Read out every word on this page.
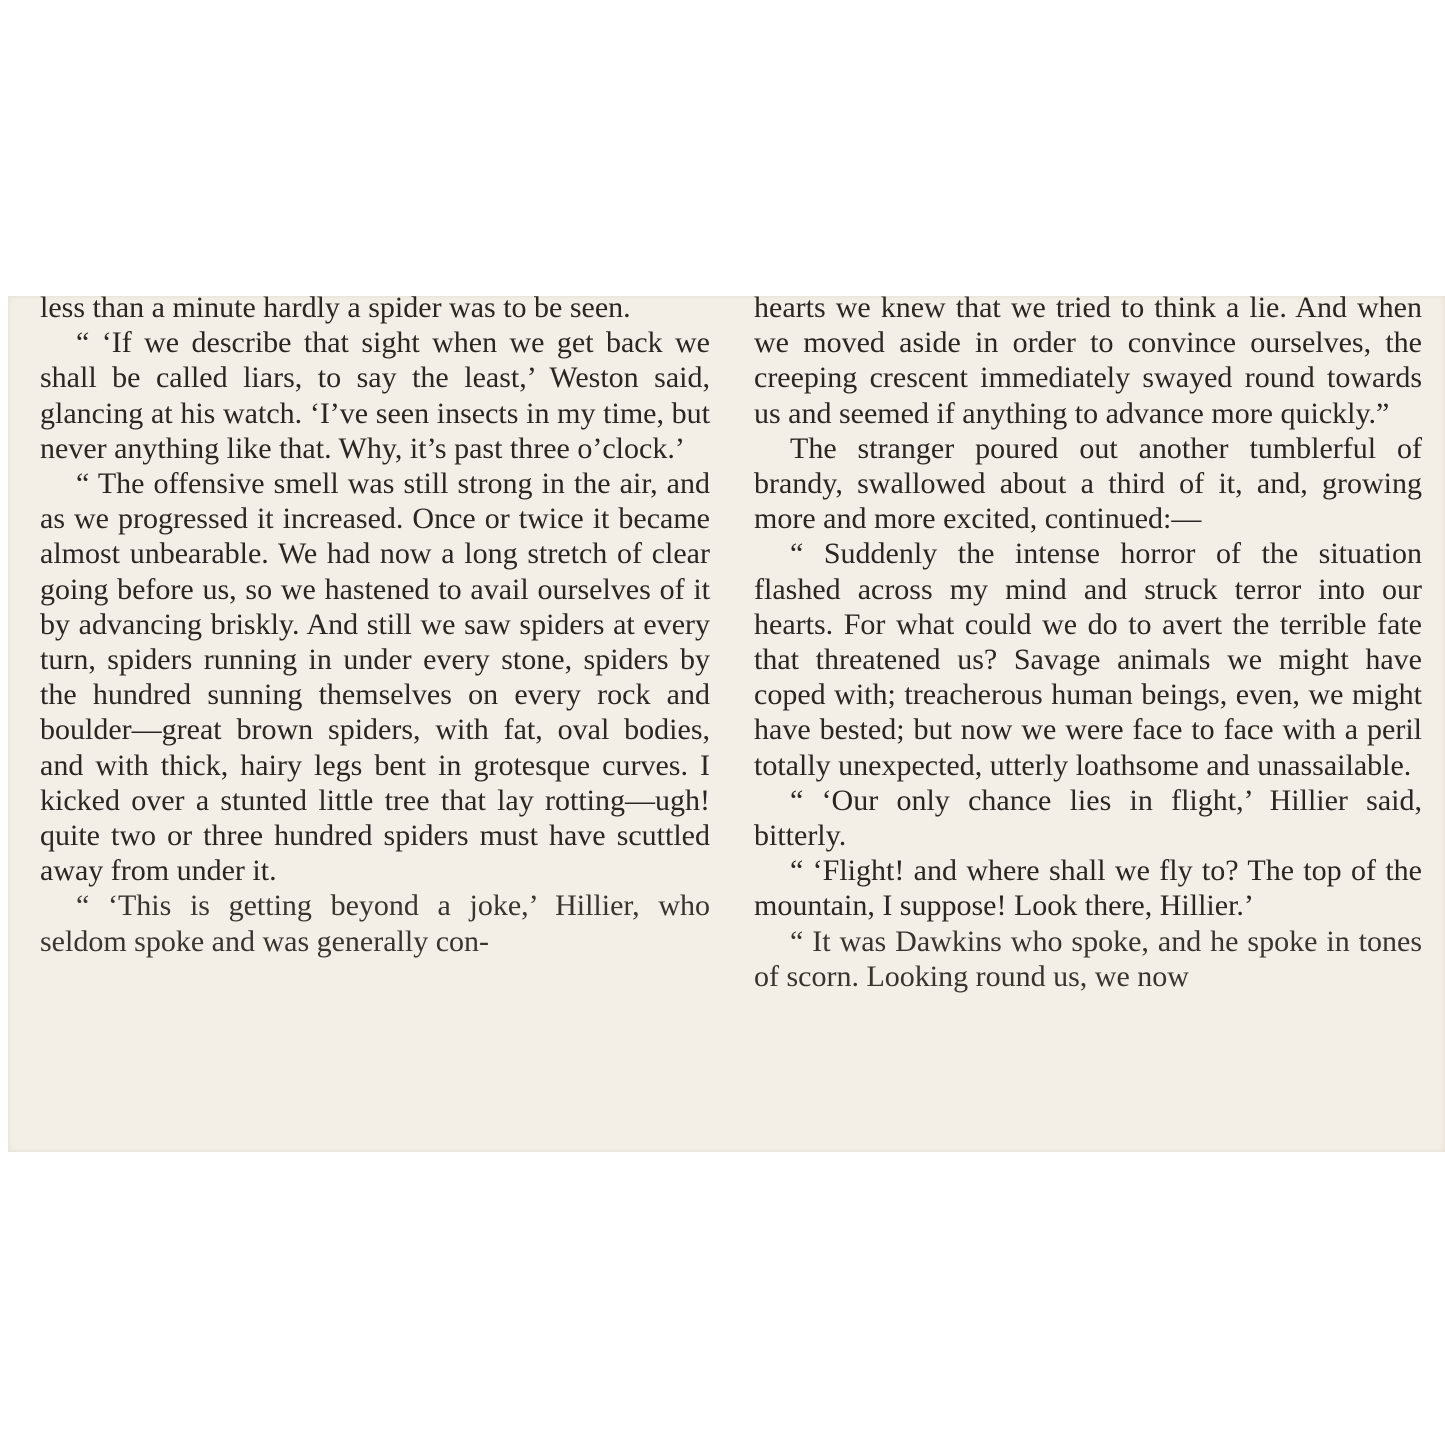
less than a minute hardly a spider was to be seen.

“ ‘If we describe that sight when we get back we shall be called liars, to say the least,’ Weston said, glancing at his watch. ‘I’ve seen insects in my time, but never anything like that. Why, it’s past three o’clock.’

“ The offensive smell was still strong in the air, and as we progressed it increased. Once or twice it became almost unbearable. We had now a long stretch of clear going before us, so we hastened to avail ourselves of it by advancing briskly. And still we saw spiders at every turn, spiders running in under every stone, spiders by the hundred sunning themselves on every rock and boulder—great brown spiders, with fat, oval bodies, and with thick, hairy legs bent in grotesque curves. I kicked over a stunted little tree that lay rotting—ugh! quite two or three hundred spiders must have scuttled away from under it.

“ ‘This is getting beyond a joke,’ Hillier, who seldom spoke and was generally con-

hearts we knew that we tried to think a lie. And when we moved aside in order to convince ourselves, the creeping crescent immediately swayed round towards us and seemed if anything to advance more quickly.”

The stranger poured out another tumblerful of brandy, swallowed about a third of it, and, growing more and more excited, continued:—

“ Suddenly the intense horror of the situation flashed across my mind and struck terror into our hearts. For what could we do to avert the terrible fate that threatened us? Savage animals we might have coped with; treacherous human beings, even, we might have bested; but now we were face to face with a peril totally unexpected, utterly loathsome and unassailable.

“ ‘Our only chance lies in flight,’ Hillier said, bitterly.

“ ‘Flight! and where shall we fly to? The top of the mountain, I suppose! Look there, Hillier.’

“ It was Dawkins who spoke, and he spoke in tones of scorn. Looking round us, we now
